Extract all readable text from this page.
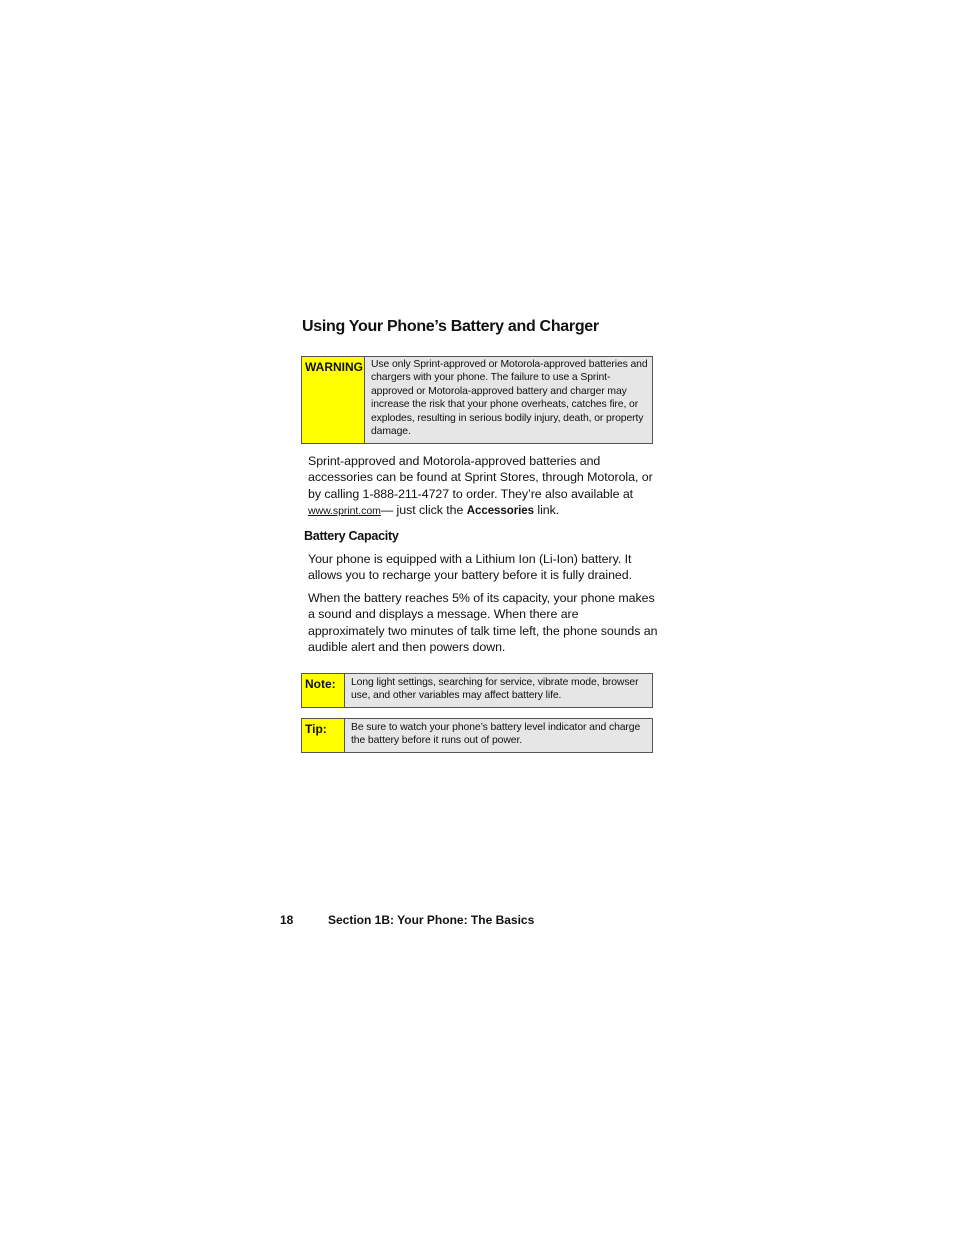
Using Your Phone’s Battery and Charger
WARNING Use only Sprint-approved or Motorola-approved batteries and chargers with your phone. The failure to use a Sprint-approved or Motorola-approved battery and charger may increase the risk that your phone overheats, catches fire, or explodes, resulting in serious bodily injury, death, or property damage.
Sprint-approved and Motorola-approved batteries and accessories can be found at Sprint Stores, through Motorola, or by calling 1-888-211-4727 to order. They’re also available at www.sprint.com— just click the Accessories link.
Battery Capacity
Your phone is equipped with a Lithium Ion (Li-Ion) battery. It allows you to recharge your battery before it is fully drained.
When the battery reaches 5% of its capacity, your phone makes a sound and displays a message. When there are approximately two minutes of talk time left, the phone sounds an audible alert and then powers down.
Note:	Long light settings, searching for service, vibrate mode, browser use, and other variables may affect battery life.
Tip:	Be sure to watch your phone’s battery level indicator and charge the battery before it runs out of power.
18	Section 1B: Your Phone: The Basics
